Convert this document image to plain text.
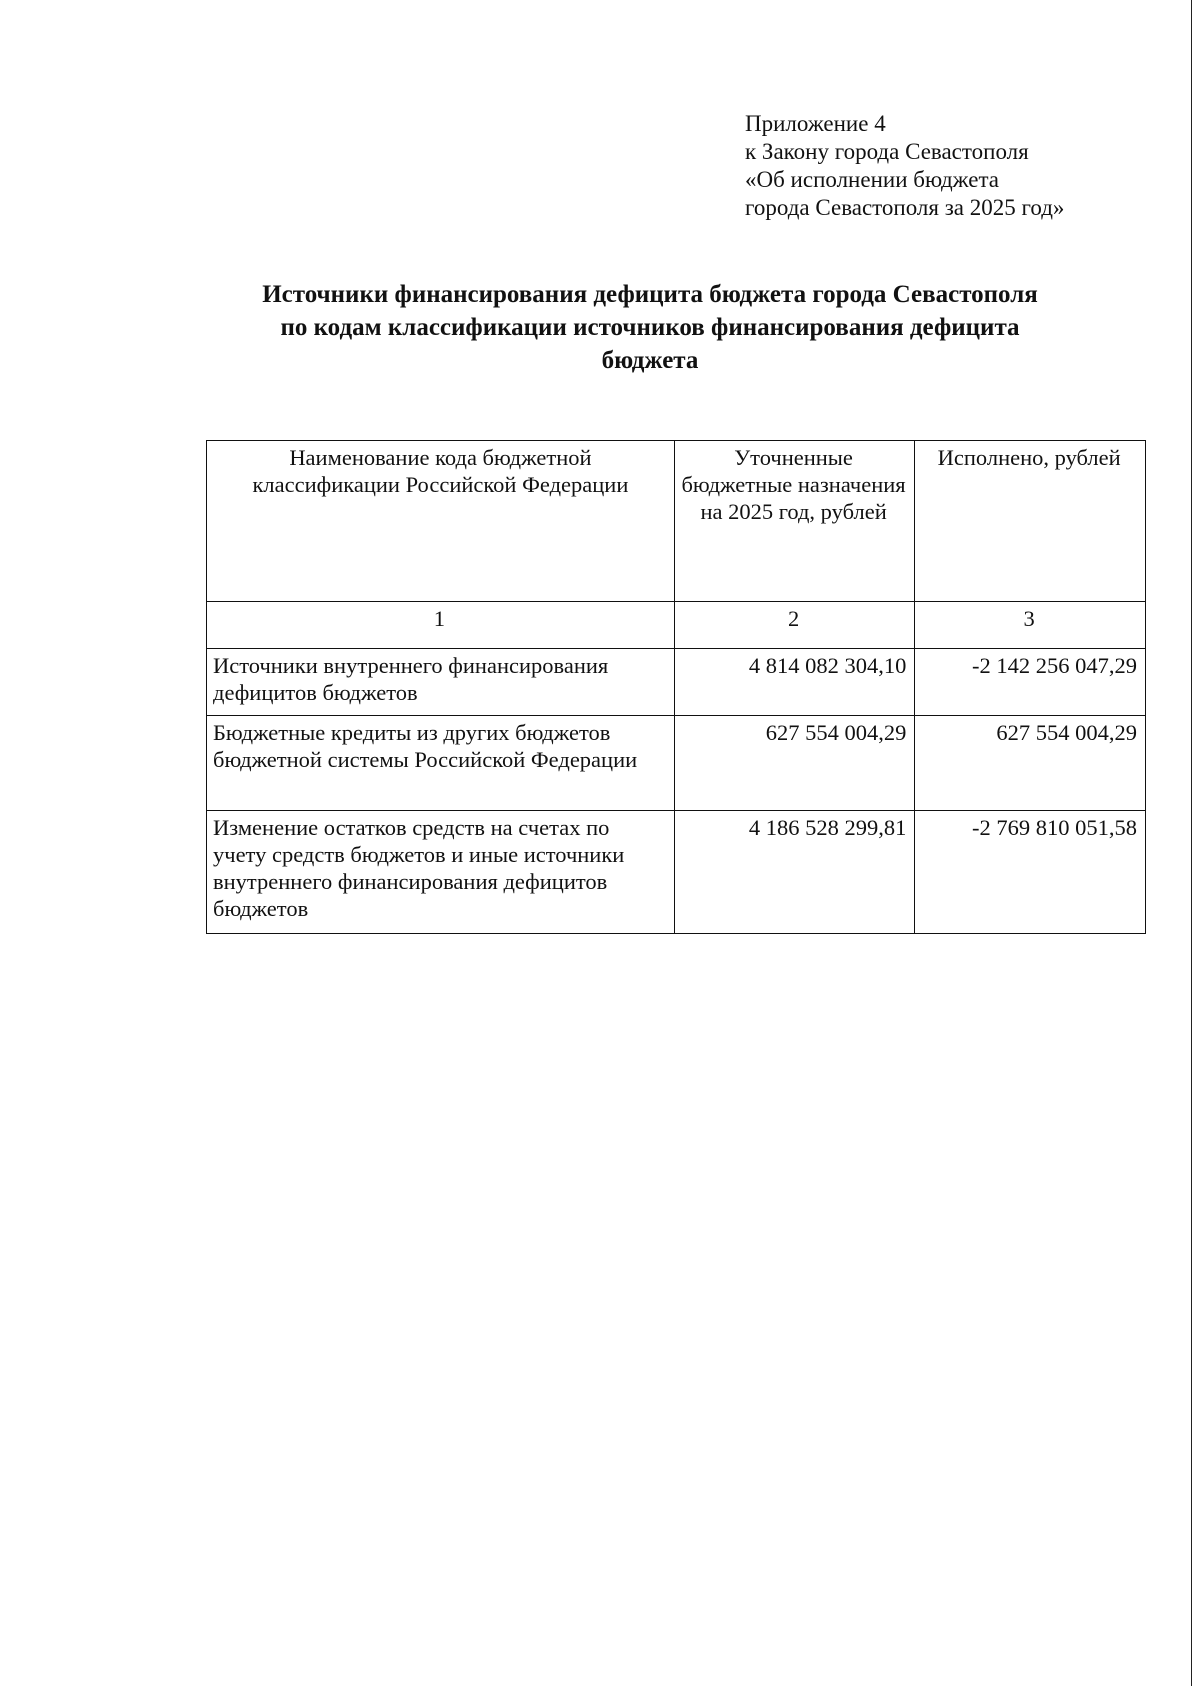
Приложение 4
к Закону города Севастополя
«Об исполнении бюджета
города Севастополя за 2025 год»
Источники финансирования дефицита бюджета города Севастополя
по кодам классификации источников финансирования дефицита
бюджета
Наименование кода бюджетной классификации Российской Федерации	Уточненные бюджетные назначения на 2025 год, рублей	Исполнено, рублей
1	2	3
Источники внутреннего финансирования дефицитов бюджетов	4 814 082 304,10	-2 142 256 047,29
Бюджетные кредиты из других бюджетов бюджетной системы Российской Федерации	627 554 004,29	627 554 004,29
Изменение остатков средств на счетах по учету средств бюджетов и иные источники внутреннего финансирования дефицитов бюджетов	4 186 528 299,81	-2 769 810 051,58
